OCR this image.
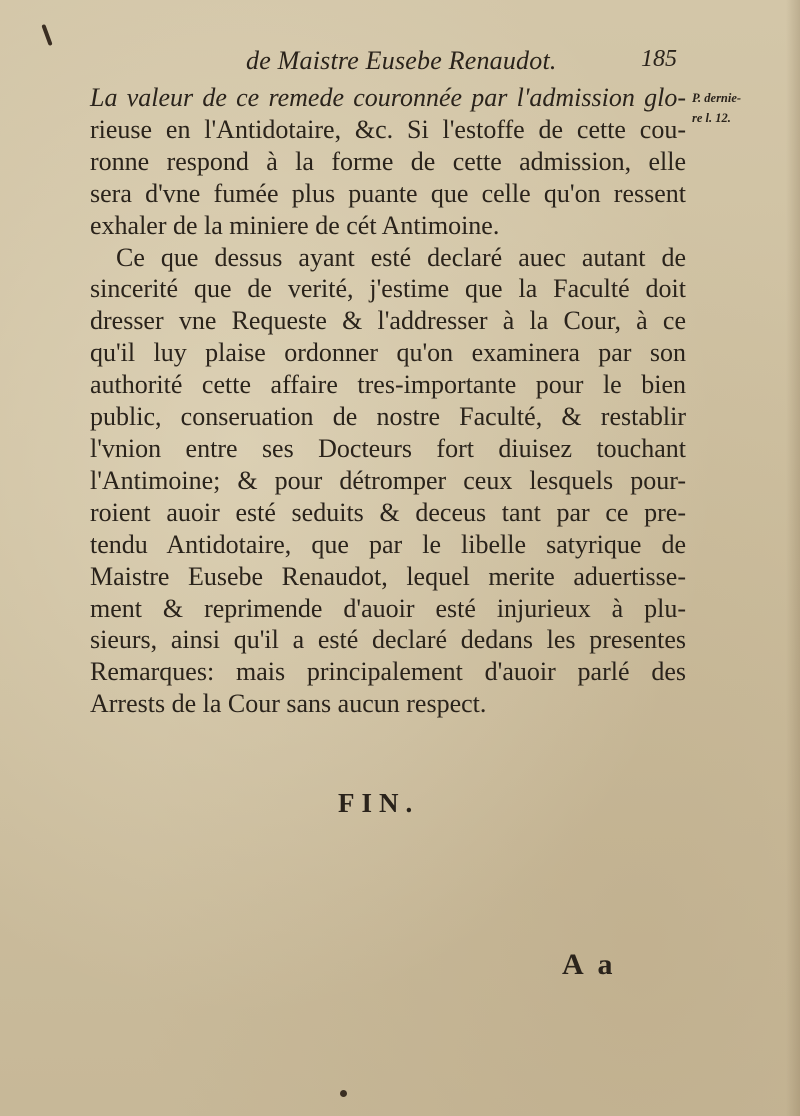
de Maistre Eusebe Renaudot.	185
P. dernie-
re l. 12.
La valeur de ce remede couronnée par l'admission glo-
rieuse en l'Antidotaire, &c. Si l'estoffe de cette cou-
ronne respond à la forme de cette admission, elle
sera d'vne fumée plus puante que celle qu'on ressent
exhaler de la miniere de cét Antimoine.
Ce que dessus ayant esté declaré auec autant de
sincerité que de verité, j'estime que la Faculté doit
dresser vne Requeste & l'addresser à la Cour, à ce
qu'il luy plaise ordonner qu'on examinera par son
authorité cette affaire tres-importante pour le bien
public, conseruation de nostre Faculté, & restablir
l'vnion entre ses Docteurs fort diuisez touchant
l'Antimoine; & pour détromper ceux lesquels pour-
roient auoir esté seduits & deceus tant par ce pre-
tendu Antidotaire, que par le libelle satyrique de
Maistre Eusebe Renaudot, lequel merite aduertisse-
ment & reprimende d'auoir esté injurieux à plu-
sieurs, ainsi qu'il a esté declaré dedans les presentes
Remarques: mais principalement d'auoir parlé des
Arrests de la Cour sans aucun respect.
FIN.
A a
